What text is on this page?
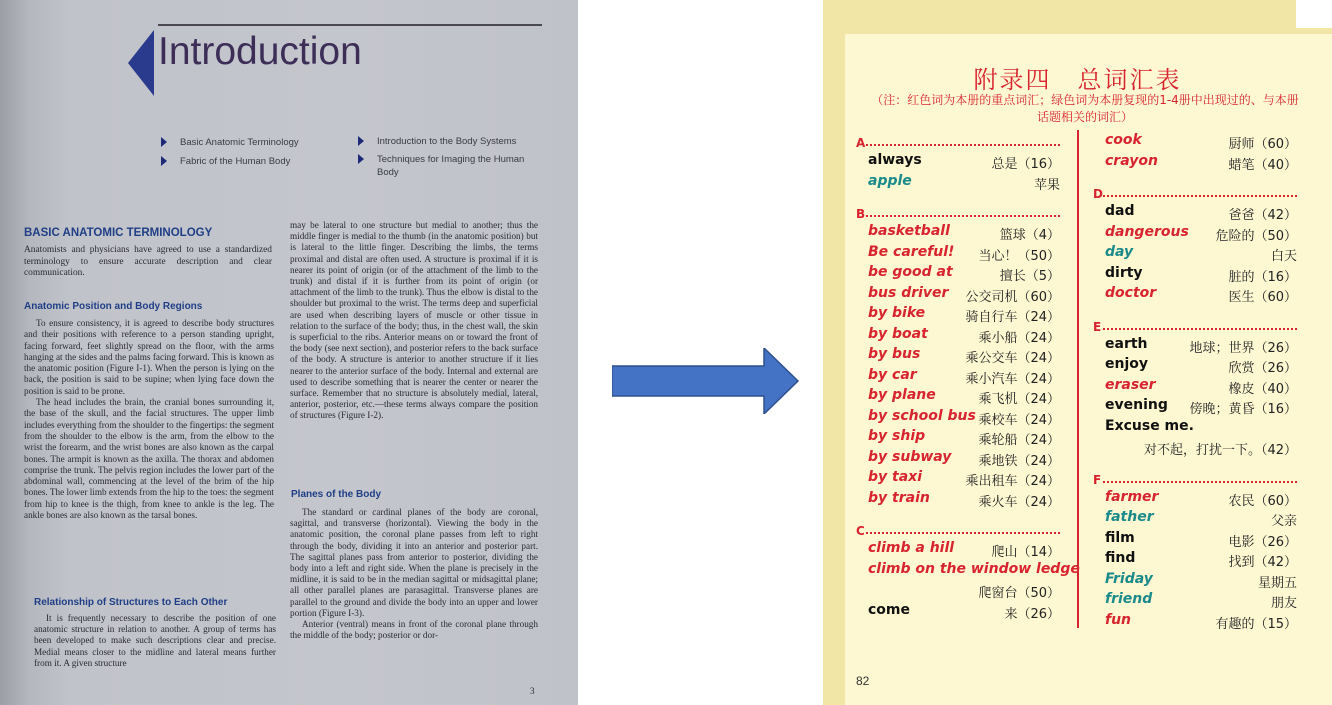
Introduction
Basic Anatomic Terminology
Fabric of the Human Body
Introduction to the Body Systems
Techniques for Imaging the Human Body
BASIC ANATOMIC TERMINOLOGY

Anatomists and physicians have agreed to use a standardized terminology to ensure accurate description and clear communication.

Anatomic Position and Body Regions

To ensure consistency, it is agreed to describe body structures and their positions with reference to a person standing upright, facing forward, feet slightly spread on the floor, with the arms hanging at the sides and the palms facing forward. This is known as the anatomic position (Figure I-1). When the person is lying on the back, the position is said to be supine; when lying face down the position is said to be prone.

The head includes the brain, the cranial bones surrounding it, the base of the skull, and the facial structures. The upper limb includes everything from the shoulder to the fingertips: the segment from the shoulder to the elbow is the arm, from the elbow to the wrist the forearm, and the wrist bones are also known as the carpal bones. The armpit is known as the axilla. The thorax and abdomen comprise the trunk. The pelvis region includes the lower part of the abdominal wall, commencing at the level of the brim of the hip bones. The lower limb extends from the hip to the toes: the segment from hip to knee is the thigh, from knee to ankle is the leg. The ankle bones are also known as the tarsal bones.

Relationship of Structures to Each Other

It is frequently necessary to describe the position of one anatomic structure in relation to another. A group of terms has been developed to make such descriptions clear and precise. Medial means closer to the midline and lateral means further from it. A given structure

may be lateral to one structure but medial to another; thus the middle finger is medial to the thumb (in the anatomic position) but is lateral to the little finger. Describing the limbs, the terms proximal and distal are often used. A structure is proximal if it is nearer its point of origin (or of the attachment of the limb to the trunk) and distal if it is further from its point of origin (or attachment of the limb to the trunk). Thus the elbow is distal to the shoulder but proximal to the wrist. The terms deep and superficial are used when describing layers of muscle or other tissue in relation to the surface of the body; thus, in the chest wall, the skin is superficial to the ribs. Anterior means on or toward the front of the body (see next section), and posterior refers to the back surface of the body. A structure is anterior to another structure if it lies nearer to the anterior surface of the body. Internal and external are used to describe something that is nearer the center or nearer the surface. Remember that no structure is absolutely medial, lateral, anterior, posterior, etc.—these terms always compare the position of structures (Figure I-2).

Planes of the Body

The standard or cardinal planes of the body are coronal, sagittal, and transverse (horizontal). Viewing the body in the anatomic position, the coronal plane passes from left to right through the body, dividing it into an anterior and posterior part. The sagittal planes pass from anterior to posterior, dividing the body into a left and right side. When the plane is precisely in the midline, it is said to be in the median sagittal or midsagittal plane; all other parallel planes are parasagittal. Transverse planes are parallel to the ground and divide the body into an upper and lower portion (Figure I-3).

Anterior (ventral) means in front of the coronal plane through the middle of the body; posterior or dor-

3
附录四　总词汇表
（注：红色词为本册的重点词汇；绿色词为本册复现的1-4册中出现过的、与本册话题相关的词汇）
A
always	总是（16）
apple	苹果
B
basketball	篮球（4）
Be careful! 当心！（50）
be good at	擅长（5）
bus driver 公交司机（60）
by bike	骑自行车（24）
by boat	乘小船（24）
by bus	乘公交车（24）
by car	乘小汽车（24）
by plane	乘飞机（24）
by school bus 乘校车（24）
by ship	乘轮船（24）
by subway 乘地铁（24）
by taxi	乘出租车（24）
by train	乘火车（24）
C
climb a hill	爬山（14）
climb on the window ledge
爬窗台（50）
come	来（26）
cook	厨师（60）
crayon	蜡笔（40）
D
dad	爸爸（42）
dangerous 危险的（50）
day	白天
dirty	脏的（16）
doctor	医生（60）
E
earth	地球；世界（26）
enjoy	欣赏（26）
eraser	橡皮（40）
evening 傍晚；黄昏（16）
Excuse me.
对不起，打扰一下。（42）
F
farmer	农民（60）
father	父亲
film	电影（26）
find	找到（42）
Friday	星期五
friend	朋友
fun	有趣的（15）
82
